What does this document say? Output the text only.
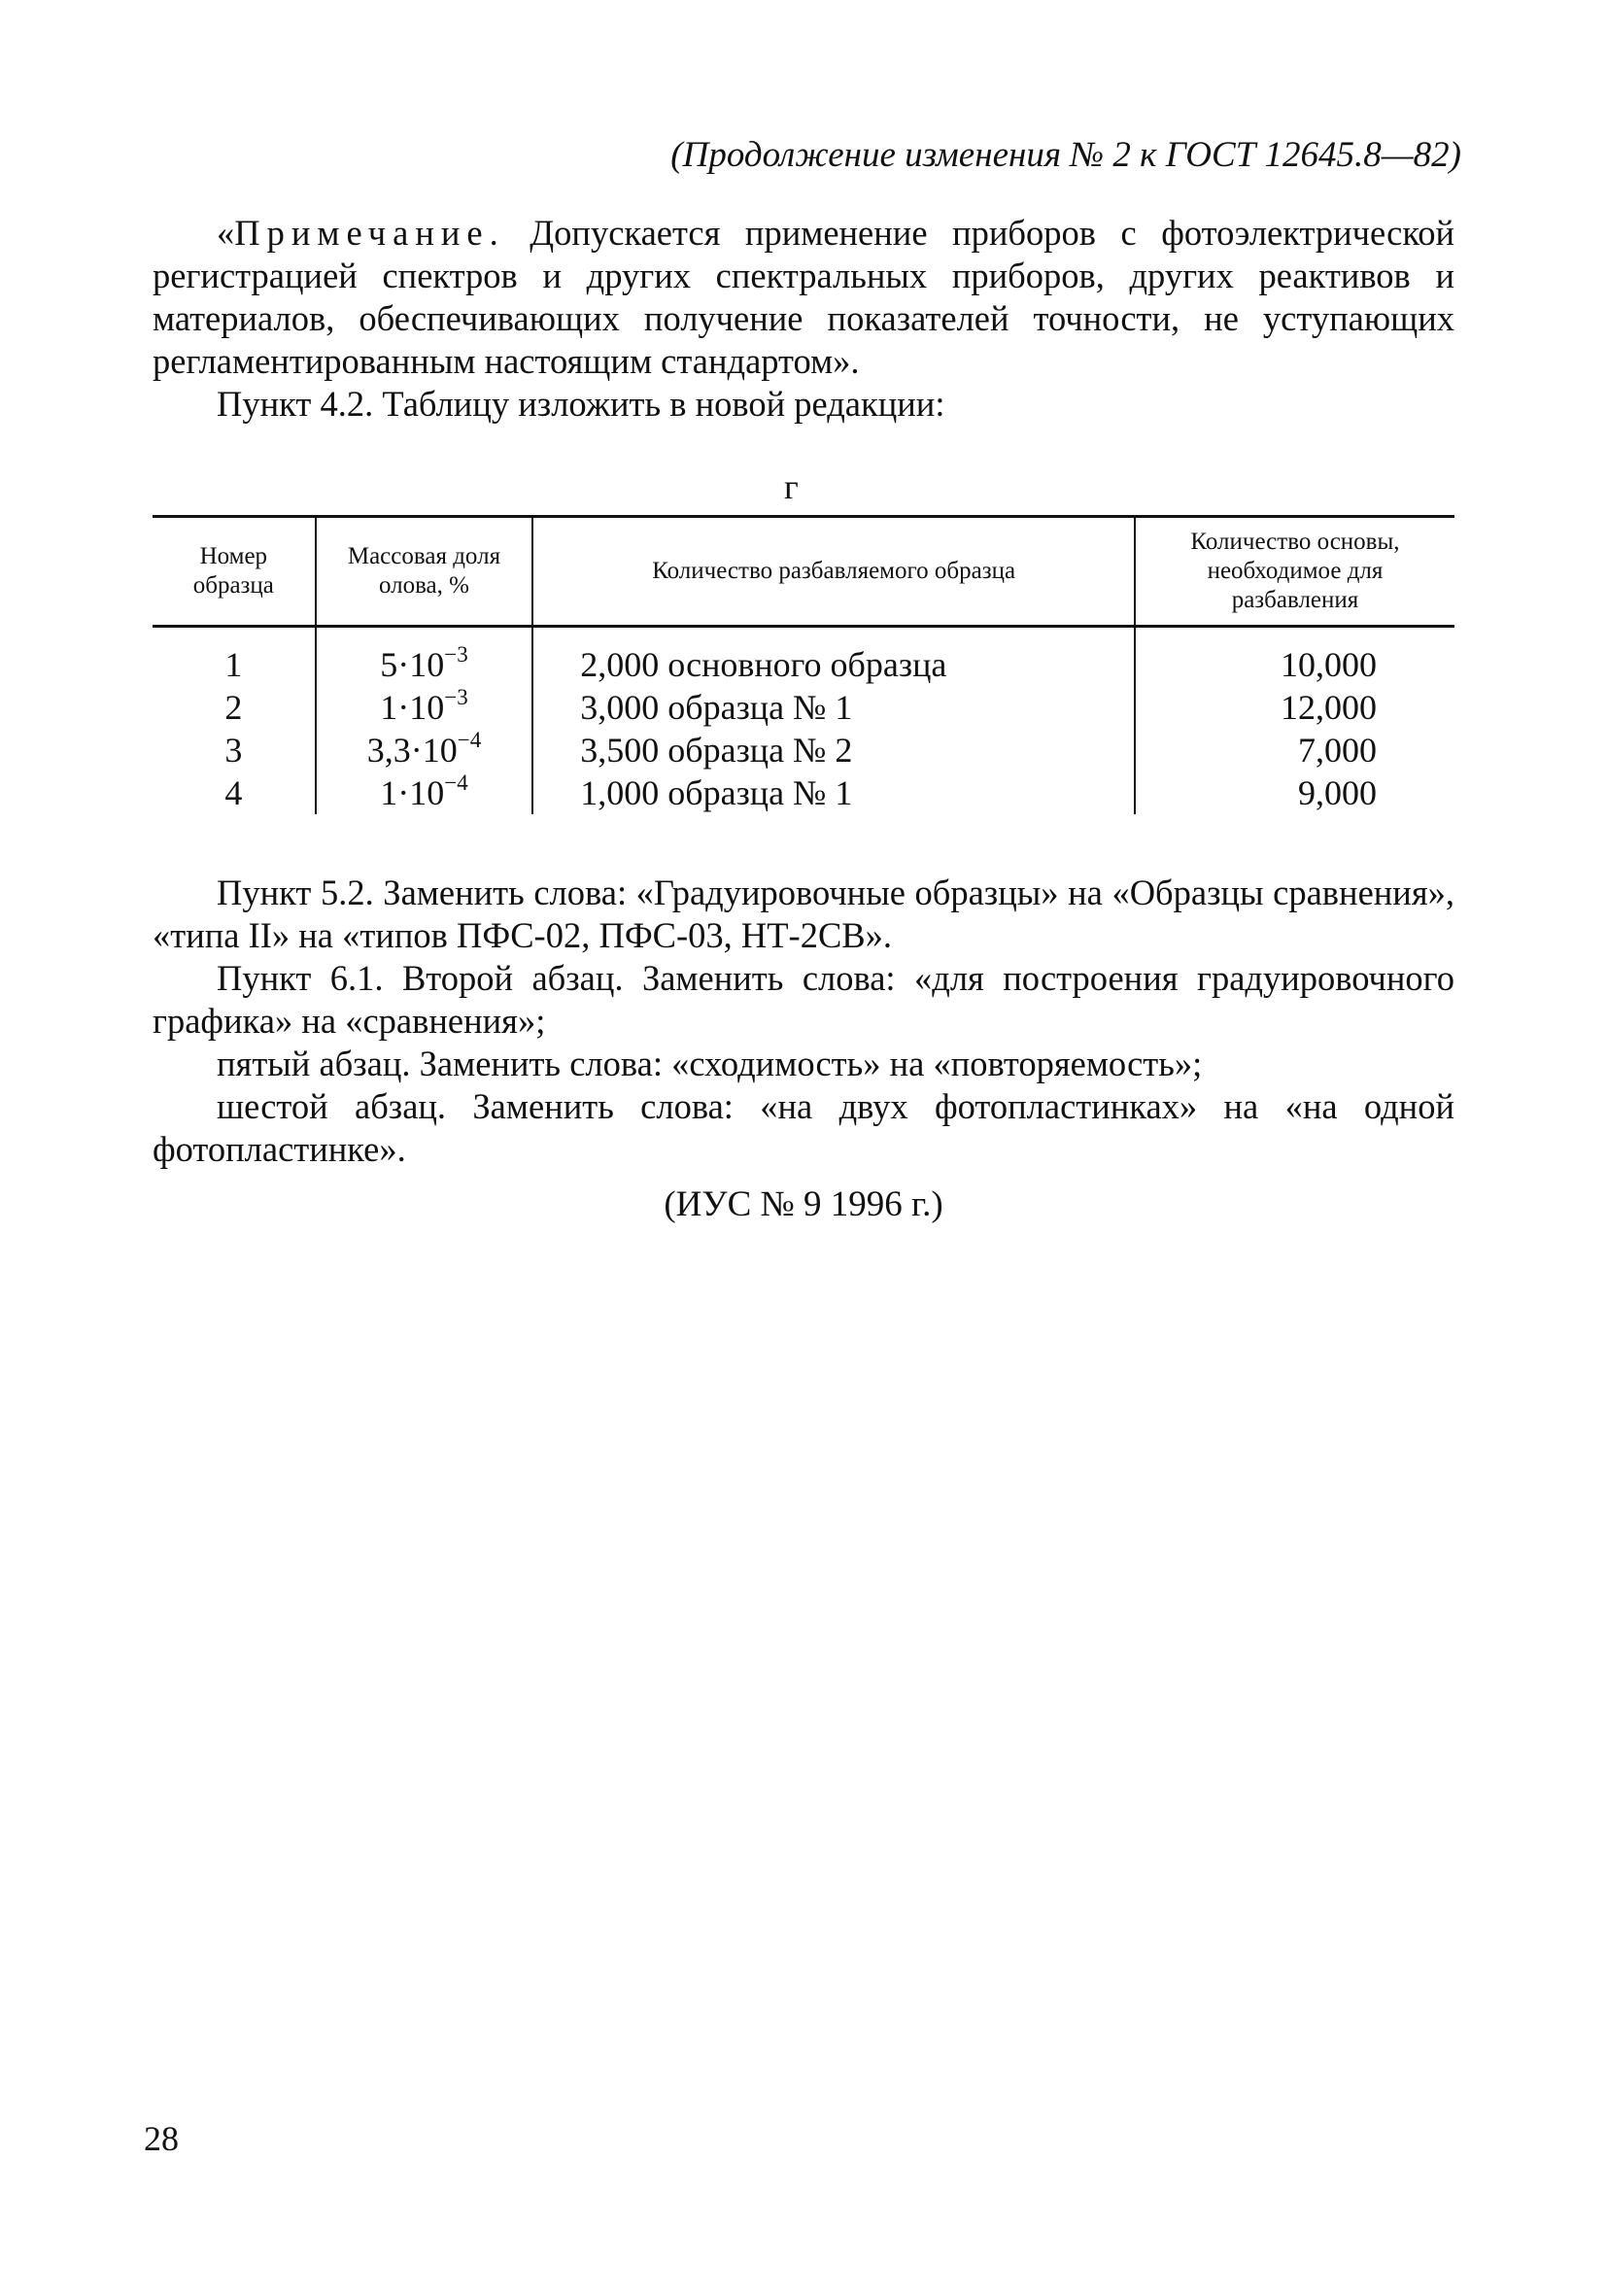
(Продолжение изменения № 2 к ГОСТ 12645.8—82)

«Примечание. Допускается применение приборов с фотоэлектрической регистрацией спектров и других спектральных приборов, других реактивов и материалов, обеспечивающих получение показателей точности, не уступающих регламентированным настоящим стандартом».

Пункт 4.2. Таблицу изложить в новой редакции:

г
Номер образца	Массовая доля олова, %	Количество разбавляемого образца	Количество основы, необходимое для разбавления
1	$5\cdot 10^{-3}$	2,000 основного образца	10,000
2	$1\cdot 10^{-3}$	3,000 образца № 1	12,000
3	$3,3\cdot 10^{-4}$	3,500 образца № 2	7,000
4	$1\cdot 10^{-4}$	1,000 образца № 1	9,000

Пункт 5.2. Заменить слова: «Градуировочные образцы» на «Образцы сравнения», «типа II» на «типов ПФС-02, ПФС-03, НТ-2СВ».

Пункт 6.1. Второй абзац. Заменить слова: «для построения градуировочного графика» на «сравнения»;

пятый абзац. Заменить слова: «сходимость» на «повторяемость»;

шестой абзац. Заменить слова: «на двух фотопластинках» на «на одной фотопластинке».

(ИУС № 9 1996 г.)
28
